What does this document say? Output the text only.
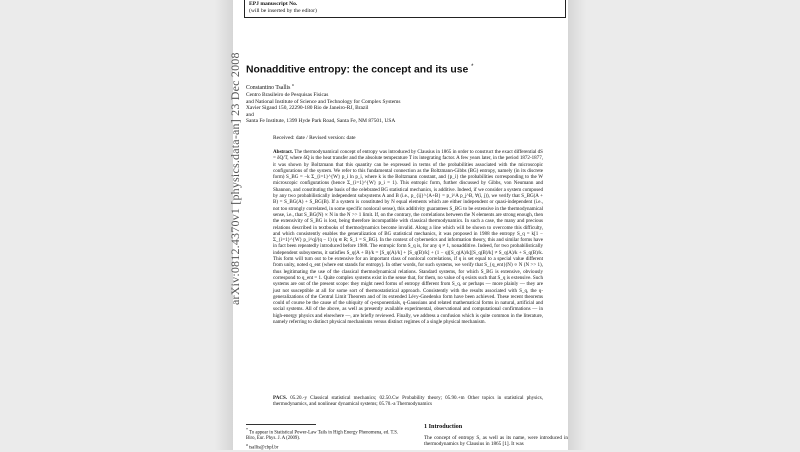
EPJ manuscript No.
(will be inserted by the editor)
arXiv:0812.4370v1 [physics.data-an] 23 Dec 2008 Nonadditive entropy: the concept and its use *
Constantino Tsallis $^a$
Centro Brasileiro de Pesquisas Fisicas
and National Institute of Science and Technology for Complex Systems
Xavier Sigaud 150, 22290-180 Rio de Janeiro-RJ, Brazil
and
Santa Fe Institute, 1399 Hyde Park Road, Santa Fe, NM 87501, USA
Received: date / Revised version: date
Abstract. The thermodynamical concept of entropy was introduced by Clausius in 1865 in order to construct the exact differential dS = δQ/T, where δQ is the heat transfer and the absolute temperature T its integrating factor. A few years later, in the period 1872-1877, it was shown by Boltzmann that this quantity can be expressed in terms of the probabilities associated with the microscopic configurations of the system. We refer to this fundamental connection as the Boltzmann-Gibbs (BG) entropy, namely (in its discrete form) S_BG = −k Σ_{i=1}^{W} p_i ln p_i, where k is the Boltzmann constant, and {p_i} the probabilities corresponding to the W microscopic configurations (hence Σ_{i=1}^{W} p_i = 1). This entropic form, further discussed by Gibbs, von Neumann and Shannon, and constituting the basis of the celebrated BG statistical mechanics, is additive. Indeed, if we consider a system composed by any two probabilistically independent subsystems A and B (i.e., p_{ij}^{A+B} = p_i^A p_j^B, ∀(i, j)), we verify that S_BG(A + B) = S_BG(A) + S_BG(B). If a system is constituted by N equal elements which are either independent or quasi-independent (i.e., not too strongly correlated, in some specific nonlocal sense), this additivity guarantees S_BG to be extensive in the thermodynamical sense, i.e., that S_BG(N) ∝ N in the N >> 1 limit. If, on the contrary, the correlations between the N elements are strong enough, then the extensivity of S_BG is lost, being therefore incompatible with classical thermodynamics. In such a case, the many and precious relations described in textbooks of thermodynamics become invalid. Along a line which will be shown to overcome this difficulty, and which consistently enables the generalization of BG statistical mechanics, it was proposed in 1988 the entropy S_q = k[1 − Σ_{i=1}^{W} p_i^q]/(q − 1) (q ∈ R; S_1 = S_BG). In the context of cybernetics and information theory, this and similar forms have in fact been repeatedly introduced before 1988. The entropic form S_q is, for any q ≠ 1, nonadditive. Indeed, for two probabilistically independent subsystems, it satisfies S_q(A + B)/k = [S_q(A)/k] + [S_q(B)/k] + (1 − q)[S_q(A)/k][S_q(B)/k] ≠ S_q(A)/k + S_q(B)/k. This form will turn out to be extensive for an important class of nonlocal correlations, if q is set equal to a special value different from unity, noted q_ent (where ent stands for entropy). In other words, for such systems, we verify that S_{q_ent}(N) ∝ N (N >> 1), thus legitimating the use of the classical thermodynamical relations. Standard systems, for which S_BG is extensive, obviously correspond to q_ent = 1. Quite complex systems exist in the sense that, for them, no value of q exists such that S_q is extensive. Such systems are out of the present scope: they might need forms of entropy different from S_q, or perhaps — more plainly — they are just not susceptible at all for some sort of thermostatistical approach. Consistently with the results associated with S_q, the q-generalizations of the Central Limit Theorem and of its extended Lévy-Gnedenko form have been achieved. These recent theorems could of course be the cause of the ubiquity of q-exponentials, q-Gaussians and related mathematical forms in natural, artificial and social systems. All of the above, as well as presently available experimental, observational and computational confirmations — in high-energy physics and elsewhere —, are briefly reviewed. Finally, we address a confusion which is quite common in the literature, namely referring to distinct physical mechanisms versus distinct regimes of a single physical mechanism.
PACS. 05.20.-y Classical statistical mechanics; 02.50.Cw Probability theory; 05.90.+m Other topics in statistical physics, thermodynamics, and nonlinear dynamical systems; 05.70.-a Thermodynamics

* To appear in Statistical Power-Law Tails in High Energy Phenomena, ed. T.S. Biro, Eur. Phys. J. A (2009).

$^a$ tsallis@cbpf.br

1 Introduction
The concept of entropy S, as well as its name, were introduced in thermodynamics by Clausius in 1865 [1]. It was
